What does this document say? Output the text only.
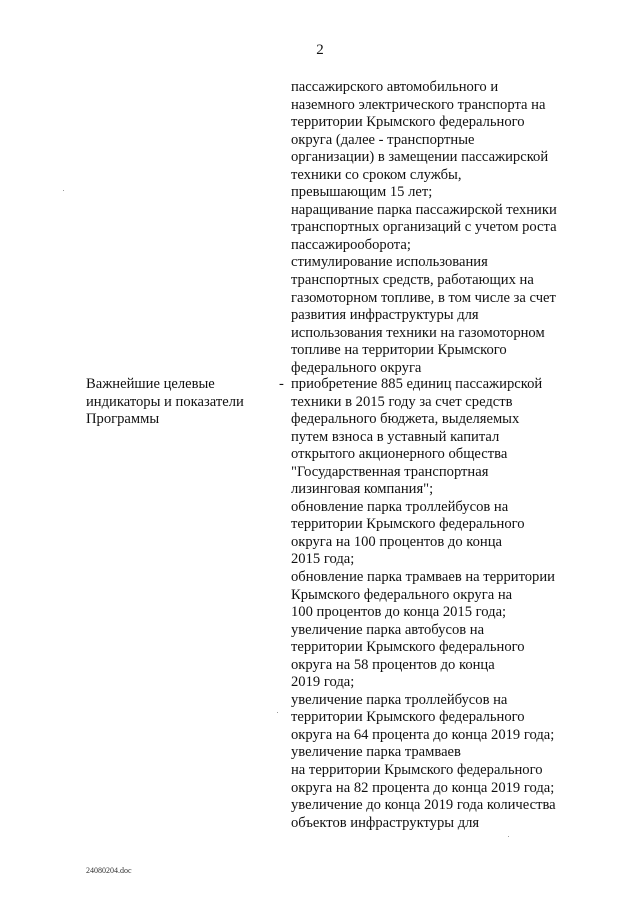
2
пассажирского автомобильного и
наземного электрического транспорта на
территории Крымского федерального
округа (далее - транспортные
организации) в замещении пассажирской
техники со сроком службы,
превышающим 15 лет;
наращивание парка пассажирской техники
транспортных организаций с учетом роста
пассажирооборота;
стимулирование использования
транспортных средств, работающих на
газомоторном топливе, в том числе за счет
развития инфраструктуры для
использования техники на газомоторном
топливе на территории Крымского
федерального округа
Важнейшие целевые
индикаторы и показатели
Программы
- приобретение 885 единиц пассажирской
техники в 2015 году за счет средств
федерального бюджета, выделяемых
путем взноса в уставный капитал
открытого акционерного общества
"Государственная транспортная
лизинговая компания";
обновление парка троллейбусов на
территории Крымского федерального
округа на 100 процентов до конца
2015 года;
обновление парка трамваев на территории
Крымского федерального округа на
100 процентов до конца 2015 года;
увеличение парка автобусов на
территории Крымского федерального
округа на 58 процентов до конца
2019 года;
увеличение парка троллейбусов на
территории Крымского федерального
округа на 64 процента до конца 2019 года;
увеличение парка трамваев
на территории Крымского федерального
округа на 82 процента до конца 2019 года;
увеличение до конца 2019 года количества
объектов инфраструктуры для
24080204.doc
